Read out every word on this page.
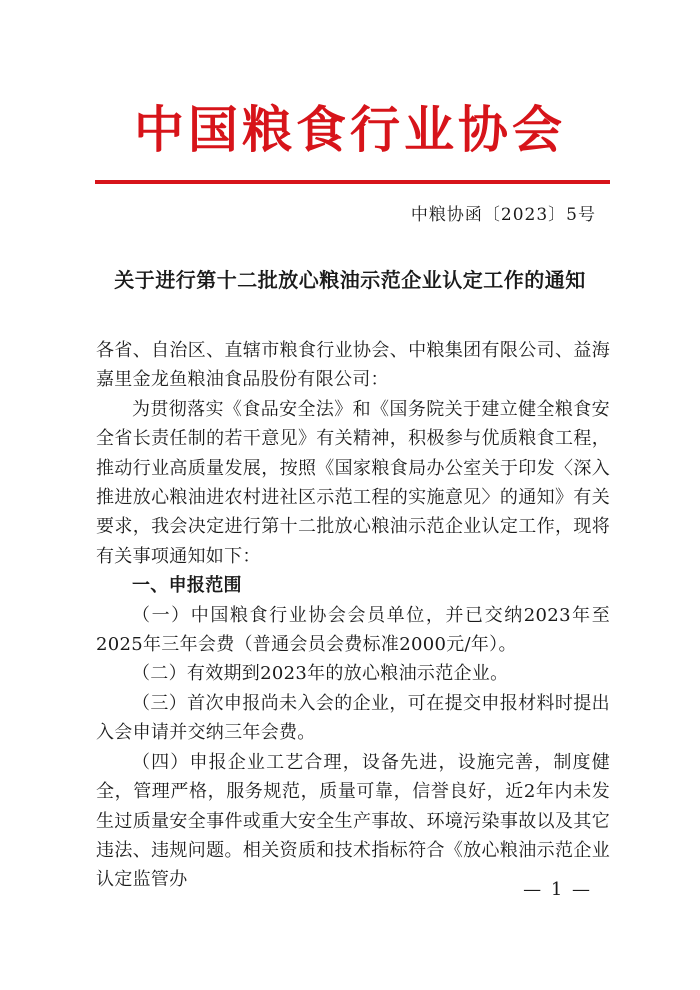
中国粮食行业协会
中粮协函〔2023〕5号
关于进行第十二批放心粮油示范企业认定工作的通知

各省、自治区、直辖市粮食行业协会、中粮集团有限公司、益海嘉里金龙鱼粮油食品股份有限公司：

为贯彻落实《食品安全法》和《国务院关于建立健全粮食安全省长责任制的若干意见》有关精神，积极参与优质粮食工程，推动行业高质量发展，按照《国家粮食局办公室关于印发〈深入推进放心粮油进农村进社区示范工程的实施意见〉的通知》有关要求，我会决定进行第十二批放心粮油示范企业认定工作，现将有关事项通知如下：

一、申报范围

（一）中国粮食行业协会会员单位，并已交纳2023年至2025年三年会费（普通会员会费标准2000元/年）。

（二）有效期到2023年的放心粮油示范企业。

（三）首次申报尚未入会的企业，可在提交申报材料时提出入会申请并交纳三年会费。

（四）申报企业工艺合理，设备先进，设施完善，制度健全，管理严格，服务规范，质量可靠，信誉良好，近2年内未发生过质量安全事件或重大安全生产事故、环境污染事故以及其它违法、违规问题。相关资质和技术指标符合《放心粮油示范企业认定监管办	— 1 —
